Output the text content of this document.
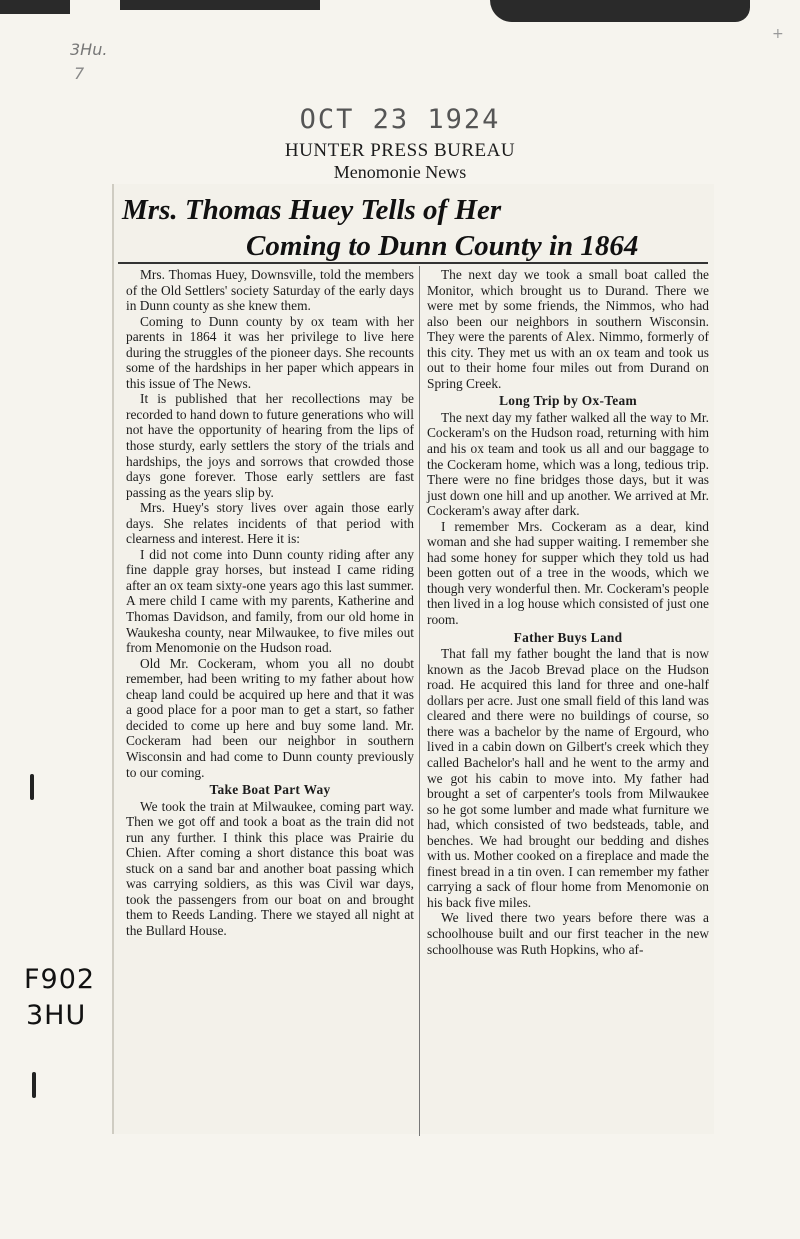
3Hu.
7
+
OCT 23 1924
HUNTER PRESS BUREAU
Menomonie News
Mrs. Thomas Huey Tells of Her
Coming to Dunn County in 1864

Mrs. Thomas Huey, Downsville, told the members of the Old Settlers' society Saturday of the early days in Dunn county as she knew them.

Coming to Dunn county by ox team with her parents in 1864 it was her privilege to live here during the struggles of the pioneer days. She recounts some of the hardships in her paper which appears in this issue of The News.

It is published that her recollections may be recorded to hand down to future generations who will not have the opportunity of hearing from the lips of those sturdy, early settlers the story of the trials and hardships, the joys and sorrows that crowded those days gone forever. Those early settlers are fast passing as the years slip by.

Mrs. Huey's story lives over again those early days. She relates incidents of that period with clearness and interest. Here it is:

I did not come into Dunn county riding after any fine dapple gray horses, but instead I came riding after an ox team sixty-one years ago this last summer. A mere child I came with my parents, Katherine and Thomas Davidson, and family, from our old home in Waukesha county, near Milwaukee, to five miles out from Menomonie on the Hudson road.

Old Mr. Cockeram, whom you all no doubt remember, had been writing to my father about how cheap land could be acquired up here and that it was a good place for a poor man to get a start, so father decided to come up here and buy some land. Mr. Cockeram had been our neighbor in southern Wisconsin and had come to Dunn county previously to our coming.

Take Boat Part Way

We took the train at Milwaukee, coming part way. Then we got off and took a boat as the train did not run any further. I think this place was Prairie du Chien. After coming a short distance this boat was stuck on a sand bar and another boat passing which was carrying soldiers, as this was Civil war days, took the passengers from our boat on and brought them to Reeds Landing. There we stayed all night at the Bullard House.

The next day we took a small boat called the Monitor, which brought us to Durand. There we were met by some friends, the Nimmos, who had also been our neighbors in southern Wisconsin. They were the parents of Alex. Nimmo, formerly of this city. They met us with an ox team and took us out to their home four miles out from Durand on Spring Creek.

Long Trip by Ox-Team

The next day my father walked all the way to Mr. Cockeram's on the Hudson road, returning with him and his ox team and took us all and our baggage to the Cockeram home, which was a long, tedious trip. There were no fine bridges those days, but it was just down one hill and up another. We arrived at Mr. Cockeram's away after dark.

I remember Mrs. Cockeram as a dear, kind woman and she had supper waiting. I remember she had some honey for supper which they told us had been gotten out of a tree in the woods, which we though very wonderful then. Mr. Cockeram's people then lived in a log house which consisted of just one room.

Father Buys Land

That fall my father bought the land that is now known as the Jacob Brevad place on the Hudson road. He acquired this land for three and one-half dollars per acre. Just one small field of this land was cleared and there were no buildings of course, so there was a bachelor by the name of Ergourd, who lived in a cabin down on Gilbert's creek which they called Bachelor's hall and he went to the army and we got his cabin to move into. My father had brought a set of carpenter's tools from Milwaukee so he got some lumber and made what furniture we had, which consisted of two bedsteads, table, and benches. We had brought our bedding and dishes with us. Mother cooked on a fireplace and made the finest bread in a tin oven. I can remember my father carrying a sack of flour home from Menomonie on his back five miles.

We lived there two years before there was a schoolhouse built and our first teacher in the new schoolhouse was Ruth Hopkins, who af-

F902
3HU
